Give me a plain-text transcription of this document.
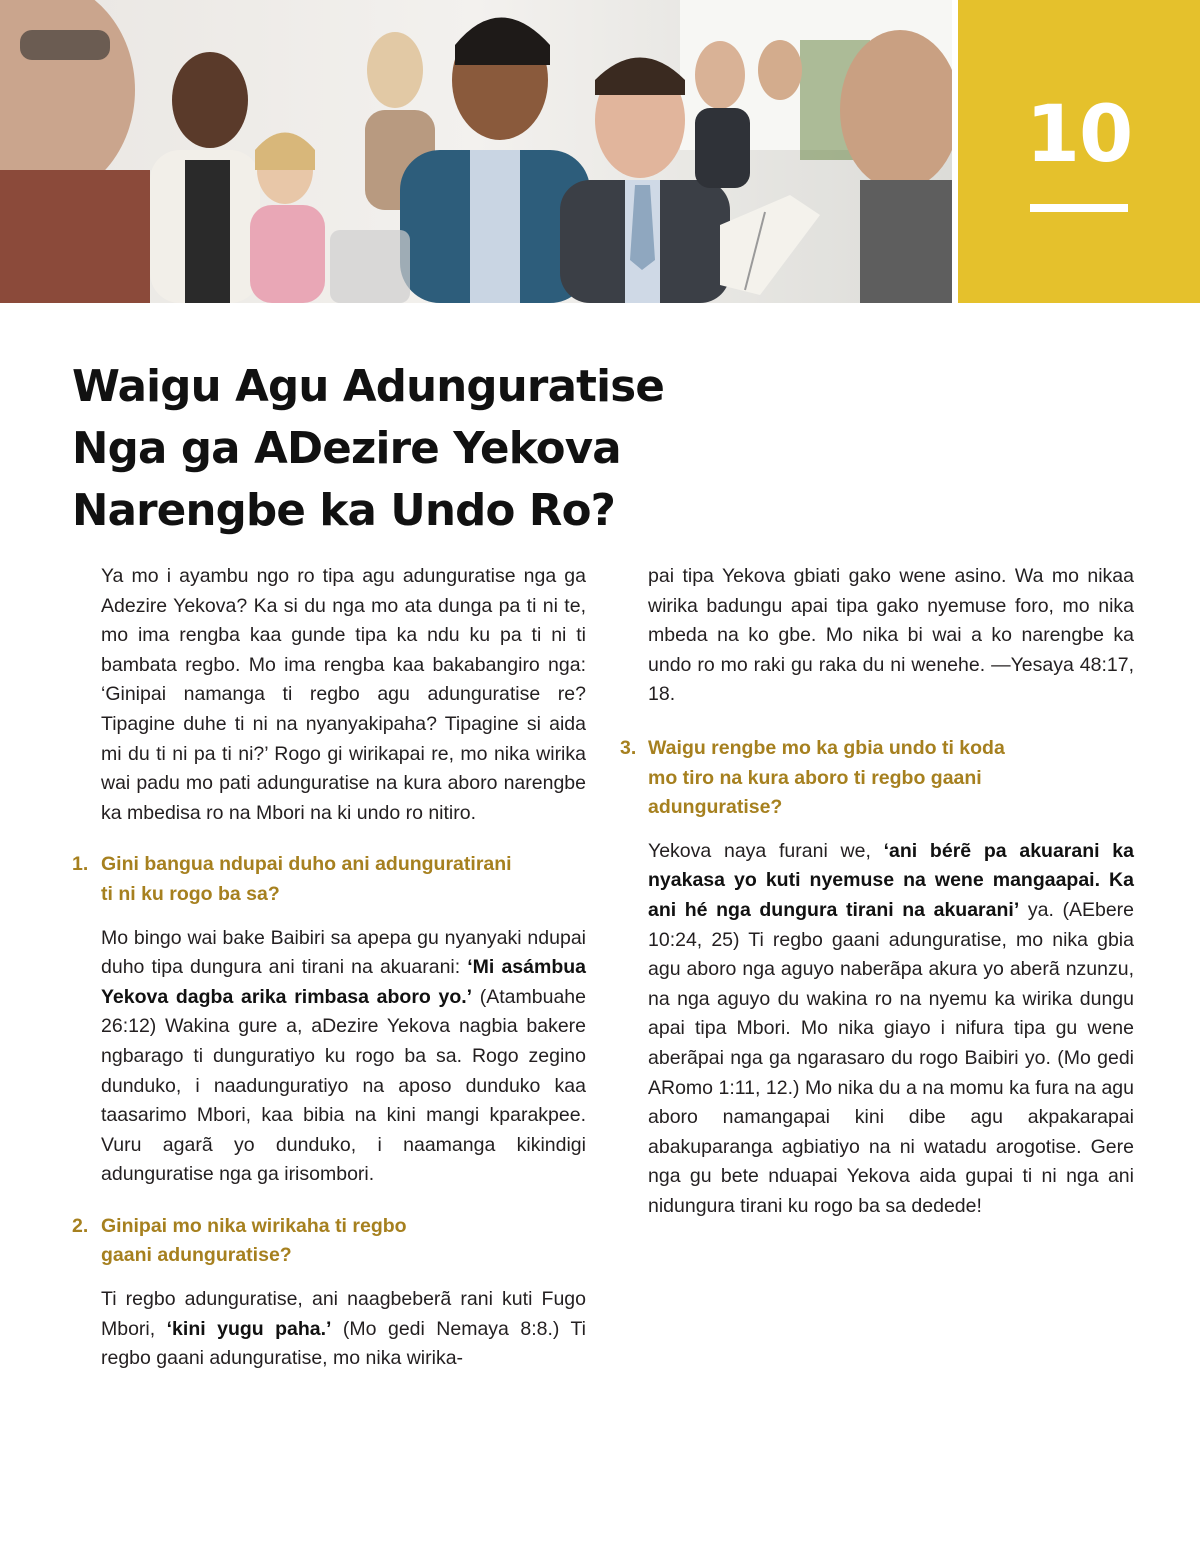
10
Waigu Agu Adunguratise
Nga ga ADezire Yekova
Narengbe ka Undo Ro?

Ya mo i ayambu ngo ro tipa agu adunguratise nga ga Adezire Yekova? Ka si du nga mo ata dunga pa ti ni te, mo ima rengba kaa gunde tipa ka ndu ku pa ti ni ti bambata regbo. Mo ima rengba kaa bakabangiro nga: ‘Ginipai namanga ti regbo agu adunguratise re? Tipagine duhe ti ni na nyanyakipaha? Tipagine si aida mi du ti ni pa ti ni?’ Rogo gi wirikapai re, mo nika wirika wai padu mo pati adunguratise na kura aboro narengbe ka mbedisa ro na Mbori na ki undo ro nitiro.

1. Gini bangua ndupai duho ani adunguratirani
ti ni ku rogo ba sa?

Mo bingo wai bake Baibiri sa apepa gu nyanyaki ndupai duho tipa dungura ani tirani na akuarani: ‘Mi asámbua Yekova dagba arika rimbasa aboro yo.’ (Atambuahe 26:12) Wakina gure a, aDezire Yekova nagbia bakere ngbarago ti dunguratiyo ku rogo ba sa. Rogo zegino dunduko, i naadunguratiyo na aposo dunduko kaa taasarimo Mbori, kaa bibia na kini mangi kparakpee. Vuru agarã yo dunduko, i naamanga kikindigi adunguratise nga ga irisombori.

2. Ginipai mo nika wirikaha ti regbo
gaani adunguratise?

Ti regbo adunguratise, ani naagbeberã rani kuti Fugo Mbori, ‘kini yugu paha.’ (Mo gedi Nemaya 8:8.) Ti regbo gaani adunguratise, mo nika wirika-

pai tipa Yekova gbiati gako wene asino. Wa mo nikaa wirika badungu apai tipa gako nyemuse foro, mo nika mbeda na ko gbe. Mo nika bi wai a ko narengbe ka undo ro mo raki gu raka du ni wenehe. —Yesaya 48:17, 18.

3. Waigu rengbe mo ka gbia undo ti koda
mo tiro na kura aboro ti regbo gaani
adunguratise?

Yekova naya furani we, ‘ani bérẽ pa akuarani ka nyakasa yo kuti nyemuse na wene mangaapai. Ka ani hé nga dungura tirani na akuarani’ ya. (AEbere 10:24, 25) Ti regbo gaani adunguratise, mo nika gbia agu aboro nga aguyo naberãpa akura yo aberã nzunzu, na nga aguyo du wakina ro na nyemu ka wirika dungu apai tipa Mbori. Mo nika giayo i nifura tipa gu wene aberãpai nga ga ngarasaro du rogo Baibiri yo. (Mo gedi ARomo 1:11, 12.) Mo nika du a na momu ka fura na agu aboro namangapai kini dibe agu akpakarapai abakuparanga agbiatiyo na ni watadu arogotise. Gere nga gu bete nduapai Yekova aida gupai ti ni nga ani nidungura tirani ku rogo ba sa dedede!
